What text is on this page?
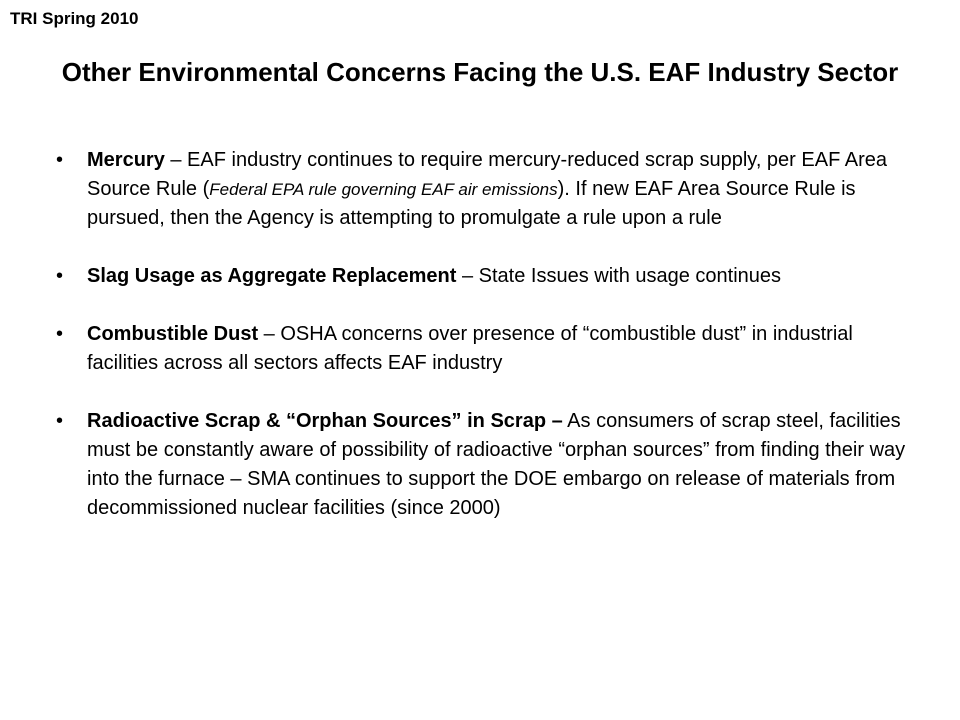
TRI Spring 2010
Other Environmental Concerns Facing the U.S. EAF Industry Sector
• Mercury – EAF industry continues to require mercury-reduced scrap supply, per EAF Area Source Rule (Federal EPA rule governing EAF air emissions). If new EAF Area Source Rule is pursued, then the Agency is attempting to promulgate a rule upon a rule
• Slag Usage as Aggregate Replacement – State Issues with usage continues
• Combustible Dust – OSHA concerns over presence of “combustible dust” in industrial facilities across all sectors affects EAF industry
• Radioactive Scrap & “Orphan Sources” in Scrap – As consumers of scrap steel, facilities must be constantly aware of possibility of radioactive “orphan sources” from finding their way into the furnace – SMA continues to support the DOE embargo on release of materials from decommissioned nuclear facilities (since 2000)
